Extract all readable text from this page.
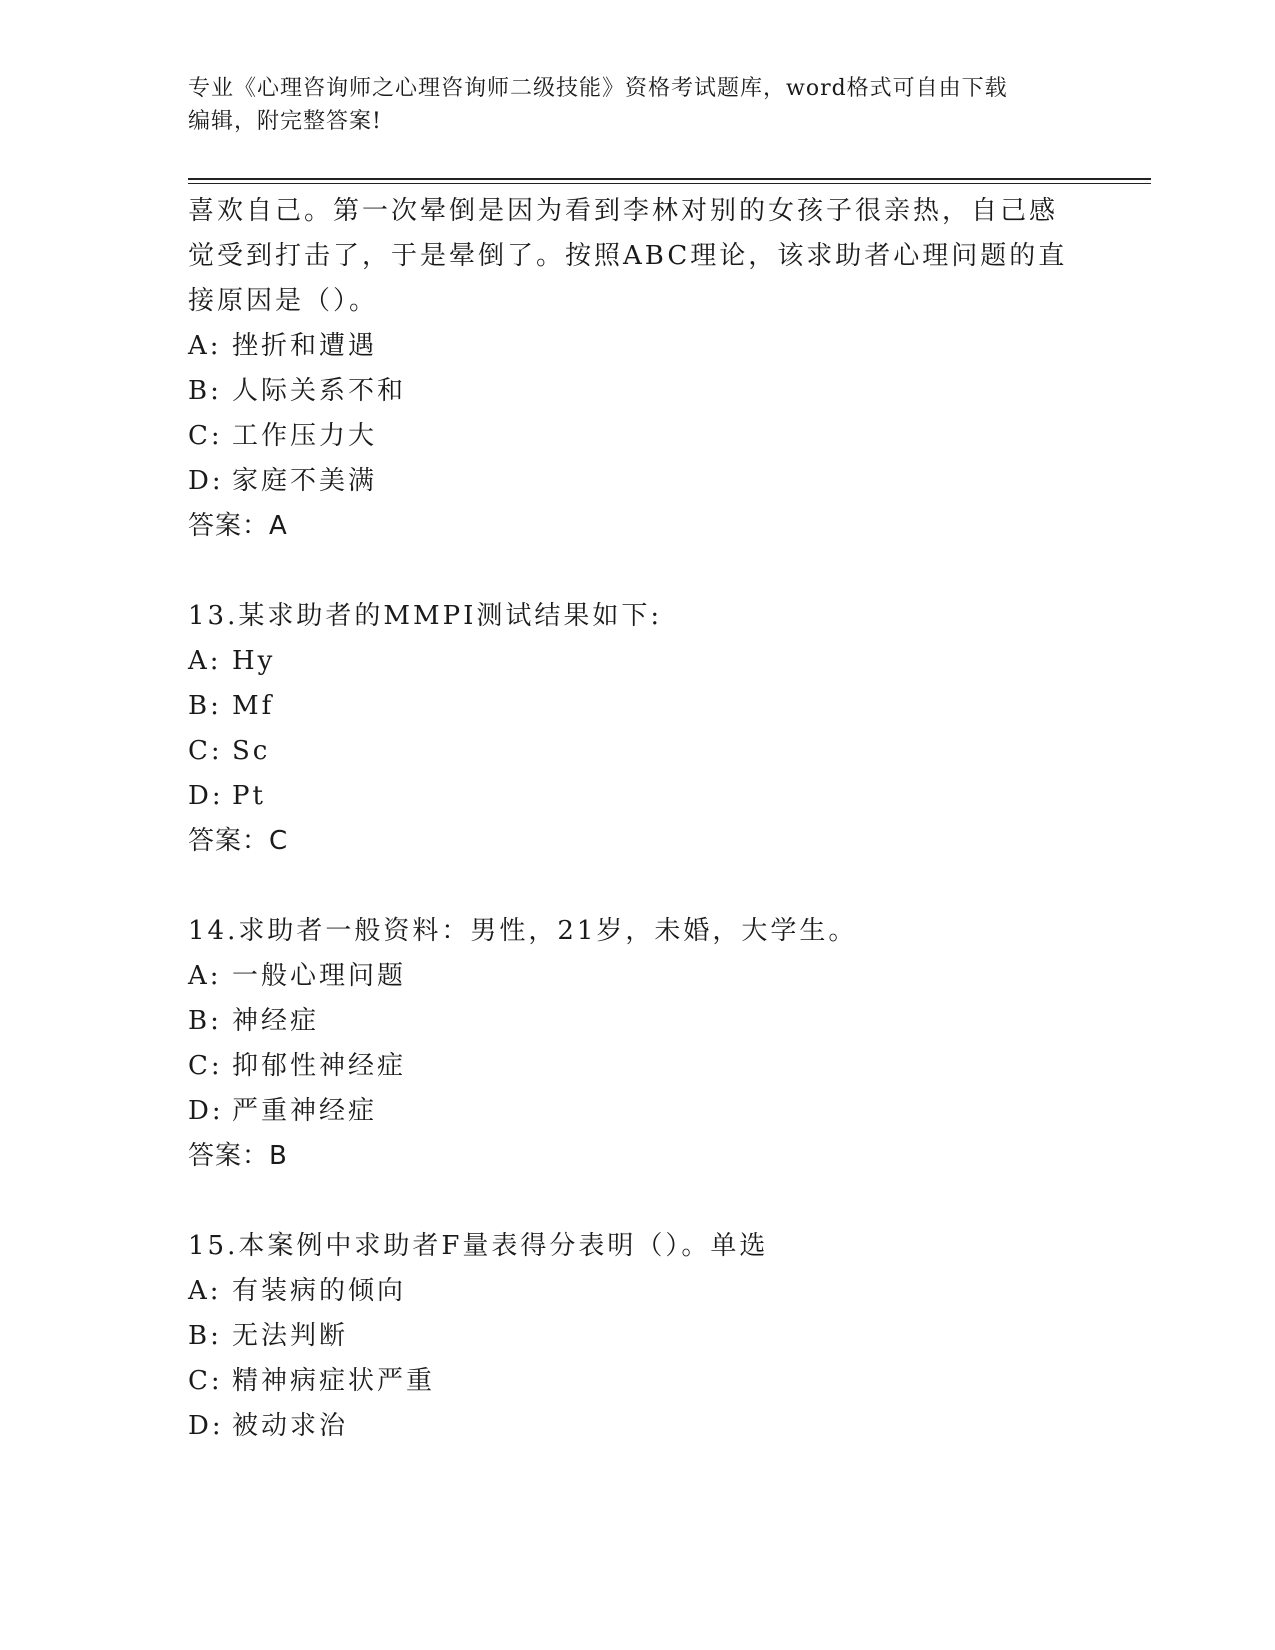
专业《心理咨询师之心理咨询师二级技能》资格考试题库，word格式可自由下载
编辑，附完整答案!
喜欢自己。第一次晕倒是因为看到李林对别的女孩子很亲热，自己感
觉受到打击了，于是晕倒了。按照ABC理论，该求助者心理问题的直
接原因是（）。
A: 挫折和遭遇
B: 人际关系不和
C: 工作压力大
D: 家庭不美满
答案：A
13.某求助者的MMPI测试结果如下:
A: Hy
B: Mf
C: Sc
D: Pt
答案：C
14.求助者一般资料：男性，21岁，未婚，大学生。
A: 一般心理问题
B: 神经症
C: 抑郁性神经症
D: 严重神经症
答案：B
15.本案例中求助者F量表得分表明（）。单选
A: 有装病的倾向
B: 无法判断
C: 精神病症状严重
D: 被动求治
